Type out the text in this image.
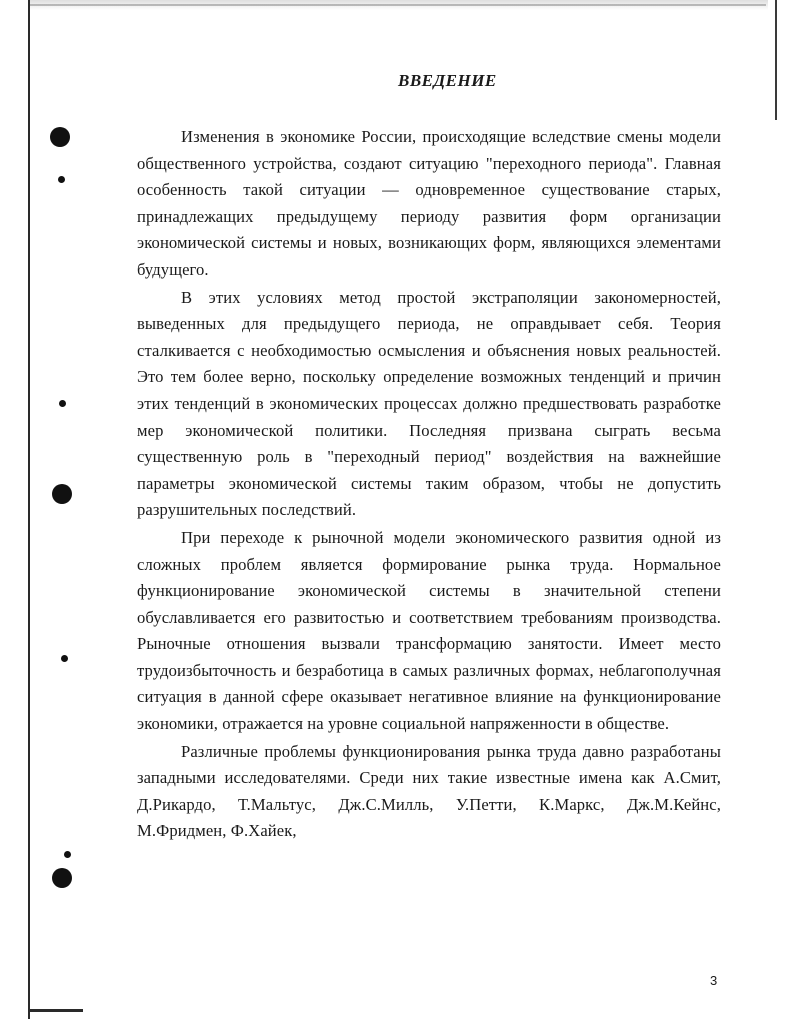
ВВЕДЕНИЕ

Изменения в экономике России, происходящие вследствие смены модели общественного устройства, создают ситуацию "переходного периода". Главная особенность такой ситуации — одновременное существование старых, принадлежащих предыдущему периоду развития форм организации экономической системы и новых, возникающих форм, являющихся элементами будущего.

В этих условиях метод простой экстраполяции закономерностей, выведенных для предыдущего периода, не оправдывает себя. Теория сталкивается с необходимостью осмысления и объяснения новых реальностей. Это тем более верно, поскольку определение возможных тенденций и причин этих тенденций в экономических процессах должно предшествовать разработке мер экономической политики. Последняя призвана сыграть весьма существенную роль в "переходный период" воздействия на важнейшие параметры экономической системы таким образом, чтобы не допустить разрушительных последствий.

При переходе к рыночной модели экономического развития одной из сложных проблем является формирование рынка труда. Нормальное функционирование экономической системы в значительной степени обуславливается его развитостью и соответствием требованиям производства. Рыночные отношения вызвали трансформацию занятости. Имеет место трудоизбыточность и безработица в самых различных формах, неблагополучная ситуация в данной сфере оказывает негативное влияние на функционирование экономики, отражается на уровне социальной напряженности в обществе.

Различные проблемы функционирования рынка труда давно разработаны западными исследователями. Среди них такие известные имена как А.Смит, Д.Рикардо, Т.Мальтус, Дж.С.Милль, У.Петти, К.Маркс, Дж.М.Кейнс, М.Фридмен, Ф.Хайек,

3
